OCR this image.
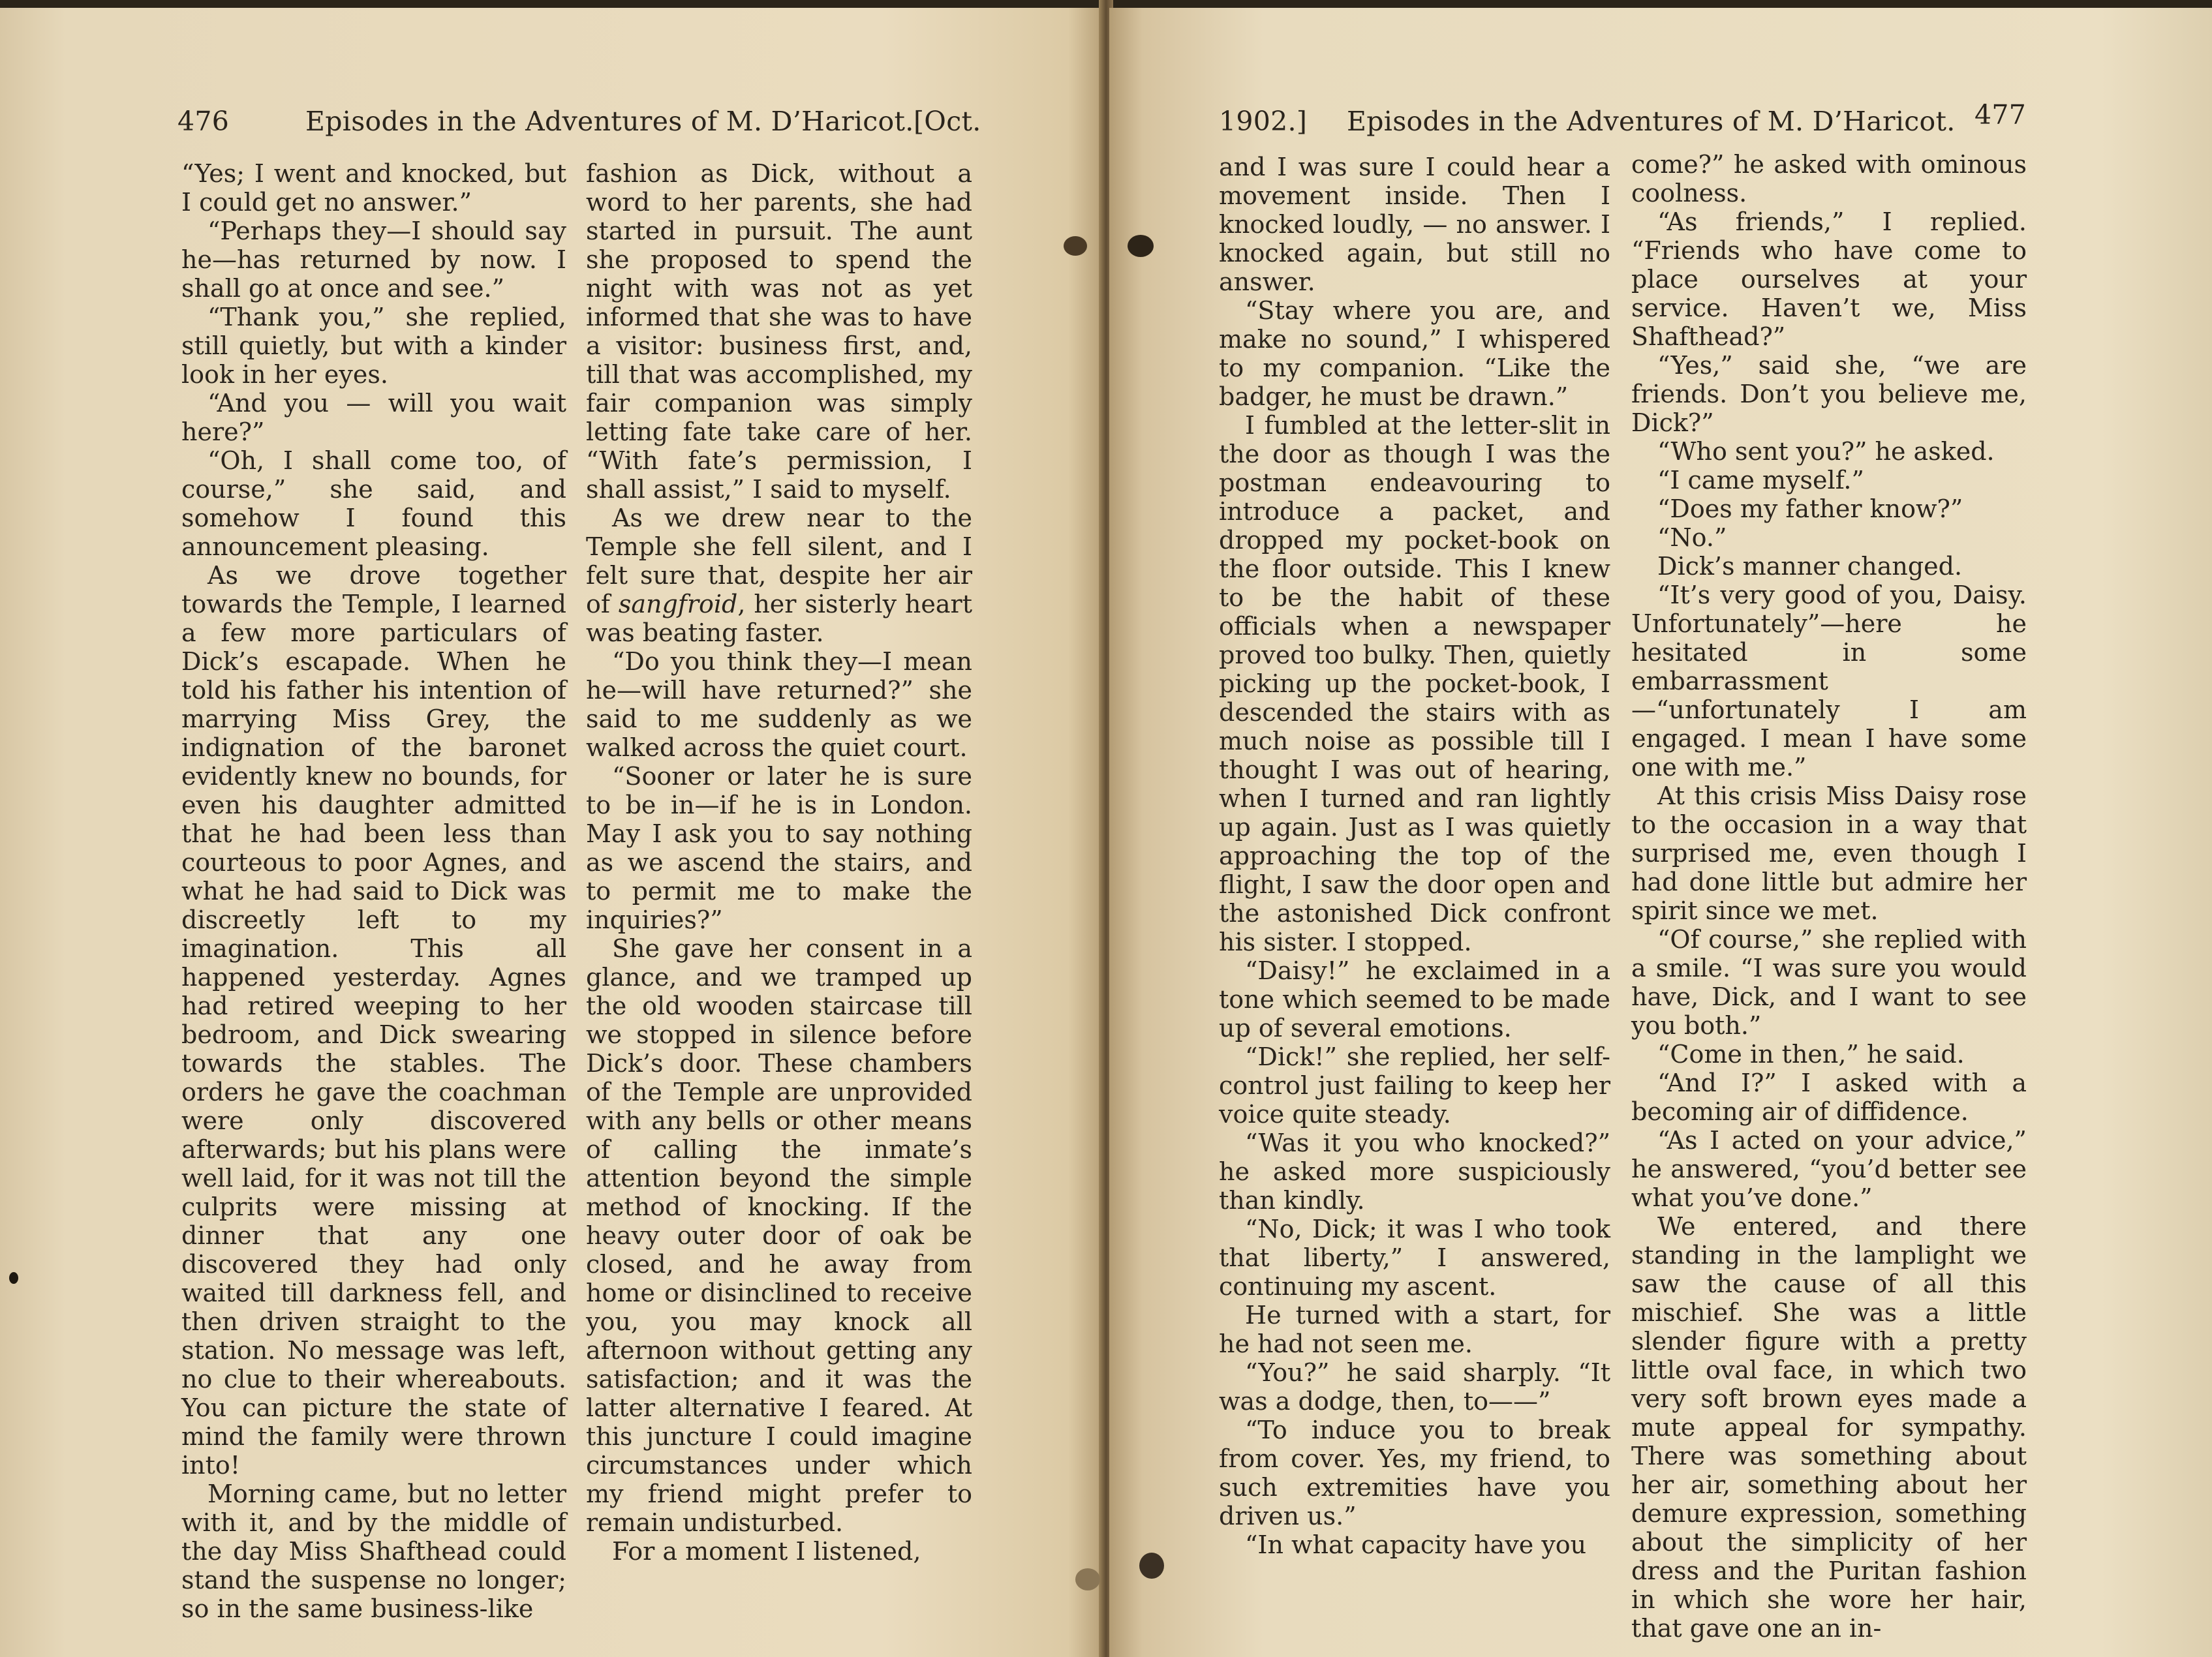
476	Episodes in the Adventures of M. D’Haricot. [Oct.

“Yes; I went and knocked, but I could get no answer.”

“Perhaps they—I should say he—has returned by now. I shall go at once and see.”

“Thank you,” she replied, still quietly, but with a kinder look in her eyes.

“And you — will you wait here?”

“Oh, I shall come too, of course,” she said, and somehow I found this announcement pleasing.

As we drove together towards the Temple, I learned a few more particulars of Dick’s escapade. When he told his father his intention of marrying Miss Grey, the indignation of the baronet evidently knew no bounds, for even his daughter admitted that he had been less than courteous to poor Agnes, and what he had said to Dick was discreetly left to my imagination. This all happened yesterday. Agnes had retired weeping to her bedroom, and Dick swearing towards the stables. The orders he gave the coachman were only discovered afterwards; but his plans were well laid, for it was not till the culprits were missing at dinner that any one discovered they had only waited till darkness fell, and then driven straight to the station. No message was left, no clue to their whereabouts. You can picture the state of mind the family were thrown into!

Morning came, but no letter with it, and by the middle of the day Miss Shafthead could stand the suspense no longer; so in the same business-like

fashion as Dick, without a word to her parents, she had started in pursuit. The aunt she proposed to spend the night with was not as yet informed that she was to have a visitor: business first, and, till that was accomplished, my fair companion was simply letting fate take care of her. “With fate’s permission, I shall assist,” I said to myself.

As we drew near to the Temple she fell silent, and I felt sure that, despite her air of sangfroid, her sisterly heart was beating faster.

“Do you think they—I mean he—will have returned?” she said to me suddenly as we walked across the quiet court.

“Sooner or later he is sure to be in—if he is in London. May I ask you to say nothing as we ascend the stairs, and to permit me to make the inquiries?”

She gave her consent in a glance, and we tramped up the old wooden staircase till we stopped in silence before Dick’s door. These chambers of the Temple are unprovided with any bells or other means of calling the inmate’s attention beyond the simple method of knocking. If the heavy outer door of oak be closed, and he away from home or disinclined to receive you, you may knock all afternoon without getting any satisfaction; and it was the latter alternative I feared. At this juncture I could imagine circumstances under which my friend might prefer to remain undisturbed.

For a moment I listened,

1902.] Episodes in the Adventures of M. D’Haricot. 477

and I was sure I could hear a movement inside. Then I knocked loudly, — no answer. I knocked again, but still no answer.

“Stay where you are, and make no sound,” I whispered to my companion. “Like the badger, he must be drawn.”

I fumbled at the letter-slit in the door as though I was the postman endeavouring to introduce a packet, and dropped my pocket-book on the floor outside. This I knew to be the habit of these officials when a newspaper proved too bulky. Then, quietly picking up the pocket-book, I descended the stairs with as much noise as possible till I thought I was out of hearing, when I turned and ran lightly up again. Just as I was quietly approaching the top of the flight, I saw the door open and the astonished Dick confront his sister. I stopped.

“Daisy!” he exclaimed in a tone which seemed to be made up of several emotions.

“Dick!” she replied, her self-control just failing to keep her voice quite steady.

“Was it you who knocked?” he asked more suspiciously than kindly.

“No, Dick; it was I who took that liberty,” I answered, continuing my ascent.

He turned with a start, for he had not seen me.

“You?” he said sharply. “It was a dodge, then, to——”

“To induce you to break from cover. Yes, my friend, to such extremities have you driven us.”

“In what capacity have you

come?” he asked with ominous coolness.

“As friends,” I replied. “Friends who have come to place ourselves at your service. Haven’t we, Miss Shafthead?”

“Yes,” said she, “we are friends. Don’t you believe me, Dick?”

“Who sent you?” he asked.

“I came myself.”

“Does my father know?”

“No.”

Dick’s manner changed.

“It’s very good of you, Daisy. Unfortunately”—here he hesitated in some embarrassment—“unfortunately I am engaged. I mean I have some one with me.”

At this crisis Miss Daisy rose to the occasion in a way that surprised me, even though I had done little but admire her spirit since we met.

“Of course,” she replied with a smile. “I was sure you would have, Dick, and I want to see you both.”

“Come in then,” he said.

“And I?” I asked with a becoming air of diffidence.

“As I acted on your advice,” he answered, “you’d better see what you’ve done.”

We entered, and there standing in the lamplight we saw the cause of all this mischief. She was a little slender figure with a pretty little oval face, in which two very soft brown eyes made a mute appeal for sympathy. There was something about her air, something about her demure expression, something about the simplicity of her dress and the Puritan fashion in which she wore her hair, that gave one an in-
